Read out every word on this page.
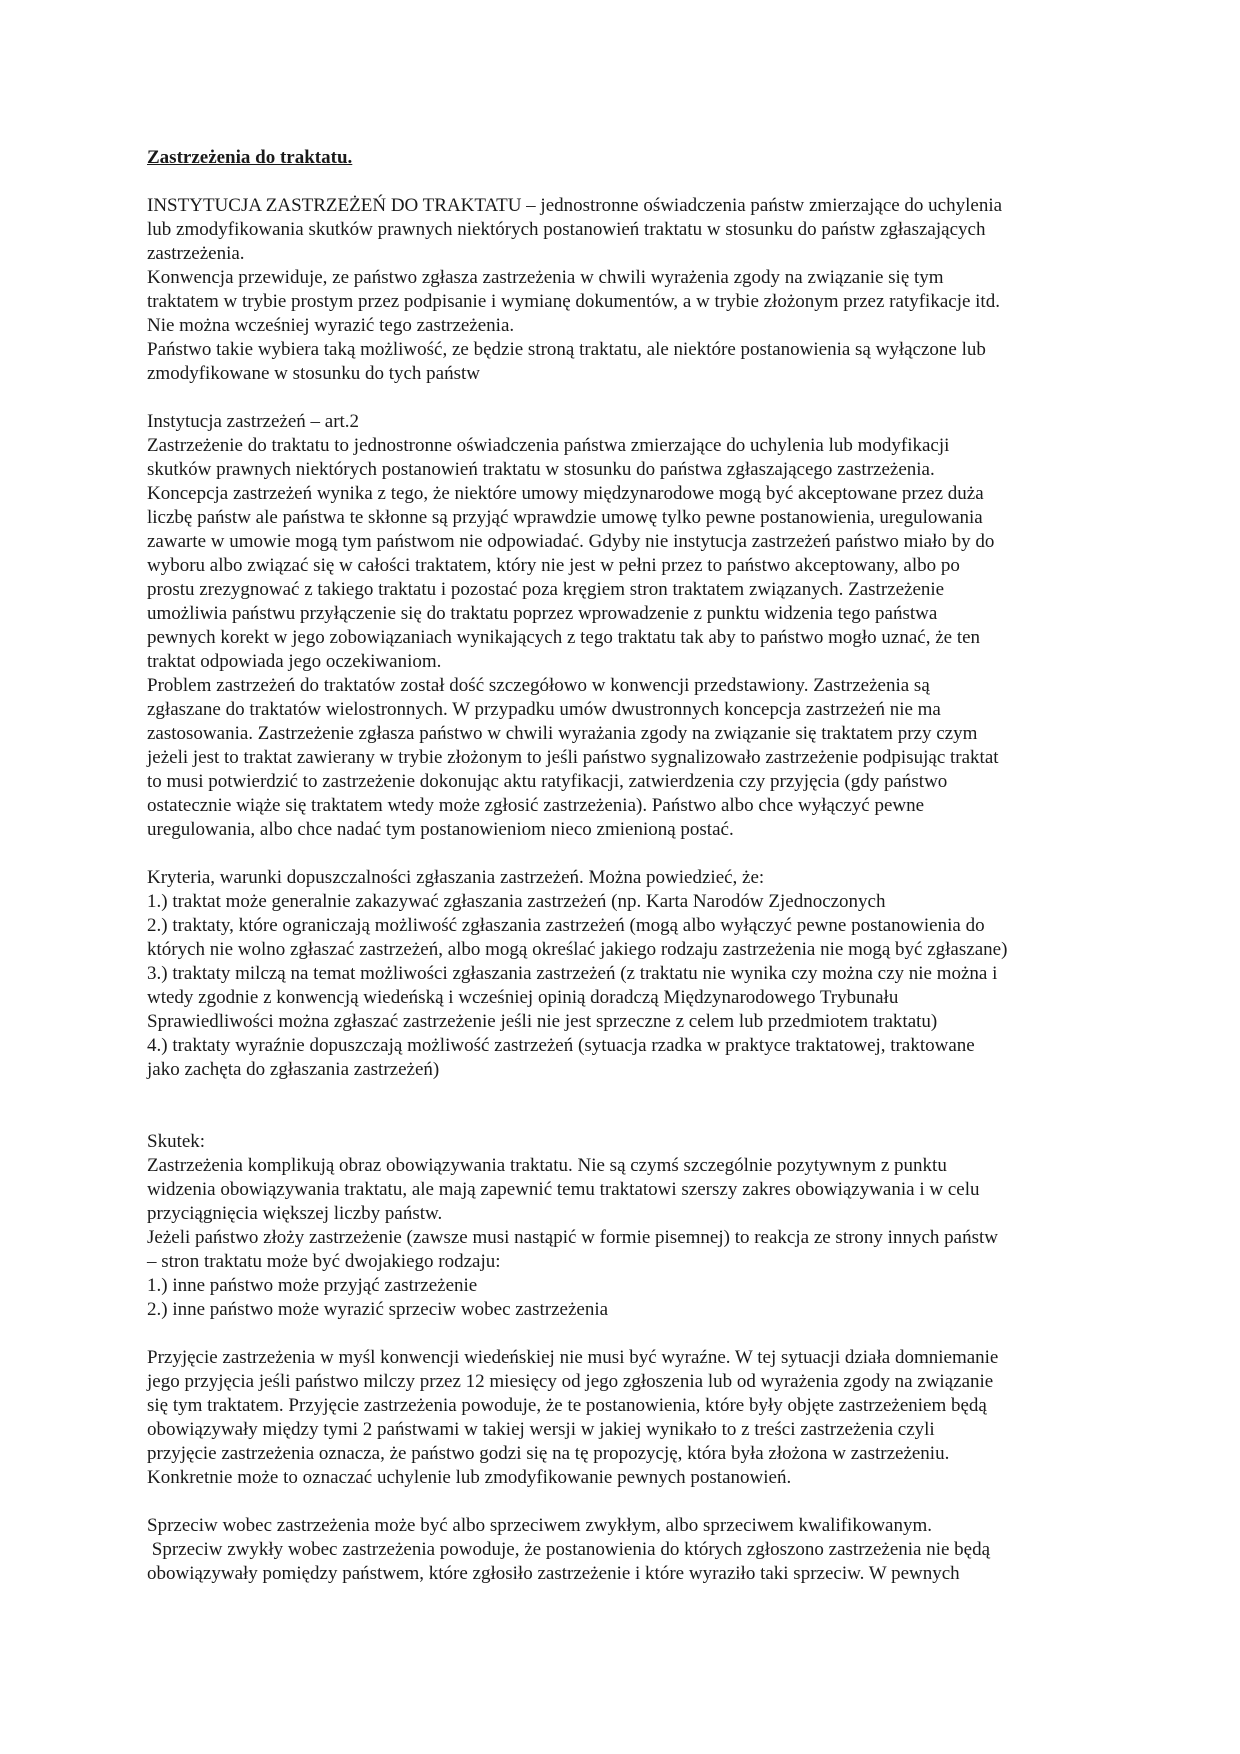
Zastrzeżenia do traktatu.
INSTYTUCJA ZASTRZEŻEŃ DO TRAKTATU – jednostronne oświadczenia państw zmierzające do uchylenia
lub zmodyfikowania skutków prawnych niektórych postanowień traktatu w stosunku do państw zgłaszających
zastrzeżenia.
Konwencja przewiduje, ze państwo zgłasza zastrzeżenia w chwili wyrażenia zgody na związanie się tym
traktatem w trybie prostym przez podpisanie i wymianę dokumentów, a w trybie złożonym przez ratyfikacje itd.
Nie można wcześniej wyrazić tego zastrzeżenia.
Państwo takie wybiera taką możliwość, ze będzie stroną traktatu, ale niektóre postanowienia są wyłączone lub
zmodyfikowane w stosunku do tych państw
Instytucja zastrzeżeń – art.2
Zastrzeżenie do traktatu to jednostronne oświadczenia państwa zmierzające do uchylenia lub modyfikacji
skutków prawnych niektórych postanowień traktatu w stosunku do państwa zgłaszającego zastrzeżenia.
Koncepcja zastrzeżeń wynika z tego, że niektóre umowy międzynarodowe mogą być akceptowane przez duża
liczbę państw ale państwa te skłonne są przyjąć wprawdzie umowę tylko pewne postanowienia, uregulowania
zawarte w umowie mogą tym państwom nie odpowiadać. Gdyby nie instytucja zastrzeżeń państwo miało by do
wyboru albo związać się w całości traktatem, który nie jest w pełni przez to państwo akceptowany, albo po
prostu zrezygnować z takiego traktatu i pozostać poza kręgiem stron traktatem związanych. Zastrzeżenie
umożliwia państwu przyłączenie się do traktatu poprzez wprowadzenie z punktu widzenia tego państwa
pewnych korekt w jego zobowiązaniach wynikających z tego traktatu tak aby to państwo mogło uznać, że ten
traktat odpowiada jego oczekiwaniom.
Problem zastrzeżeń do traktatów został dość szczegółowo w konwencji przedstawiony. Zastrzeżenia są
zgłaszane do traktatów wielostronnych. W przypadku umów dwustronnych koncepcja zastrzeżeń nie ma
zastosowania. Zastrzeżenie zgłasza państwo w chwili wyrażania zgody na związanie się traktatem przy czym
jeżeli jest to traktat zawierany w trybie złożonym to jeśli państwo sygnalizowało zastrzeżenie podpisując traktat
to musi potwierdzić to zastrzeżenie dokonując aktu ratyfikacji, zatwierdzenia czy przyjęcia (gdy państwo
ostatecznie wiąże się traktatem wtedy może zgłosić zastrzeżenia). Państwo albo chce wyłączyć pewne
uregulowania, albo chce nadać tym postanowieniom nieco zmienioną postać.
Kryteria, warunki dopuszczalności zgłaszania zastrzeżeń. Można powiedzieć, że:
1.) traktat może generalnie zakazywać zgłaszania zastrzeżeń (np. Karta Narodów Zjednoczonych
2.) traktaty, które ograniczają możliwość zgłaszania zastrzeżeń (mogą albo wyłączyć pewne postanowienia do
których nie wolno zgłaszać zastrzeżeń, albo mogą określać jakiego rodzaju zastrzeżenia nie mogą być zgłaszane)
3.) traktaty milczą na temat możliwości zgłaszania zastrzeżeń (z traktatu nie wynika czy można czy nie można i
wtedy zgodnie z konwencją wiedeńską i wcześniej opinią doradczą Międzynarodowego Trybunału
Sprawiedliwości można zgłaszać zastrzeżenie jeśli nie jest sprzeczne z celem lub przedmiotem traktatu)
4.) traktaty wyraźnie dopuszczają możliwość zastrzeżeń (sytuacja rzadka w praktyce traktatowej, traktowane
jako zachęta do zgłaszania zastrzeżeń)
Skutek:
Zastrzeżenia komplikują obraz obowiązywania traktatu. Nie są czymś szczególnie pozytywnym z punktu
widzenia obowiązywania traktatu, ale mają zapewnić temu traktatowi szerszy zakres obowiązywania i w celu
przyciągnięcia większej liczby państw.
Jeżeli państwo złoży zastrzeżenie (zawsze musi nastąpić w formie pisemnej) to reakcja ze strony innych państw
– stron traktatu może być dwojakiego rodzaju:
1.) inne państwo może przyjąć zastrzeżenie
2.) inne państwo może wyrazić sprzeciw wobec zastrzeżenia
Przyjęcie zastrzeżenia w myśl konwencji wiedeńskiej nie musi być wyraźne. W tej sytuacji działa domniemanie
jego przyjęcia jeśli państwo milczy przez 12 miesięcy od jego zgłoszenia lub od wyrażenia zgody na związanie
się tym traktatem. Przyjęcie zastrzeżenia powoduje, że te postanowienia, które były objęte zastrzeżeniem będą
obowiązywały między tymi 2 państwami w takiej wersji w jakiej wynikało to z treści zastrzeżenia czyli
przyjęcie zastrzeżenia oznacza, że państwo godzi się na tę propozycję, która była złożona w zastrzeżeniu.
Konkretnie może to oznaczać uchylenie lub zmodyfikowanie pewnych postanowień.
Sprzeciw wobec zastrzeżenia może być albo sprzeciwem zwykłym, albo sprzeciwem kwalifikowanym.
Sprzeciw zwykły wobec zastrzeżenia powoduje, że postanowienia do których zgłoszono zastrzeżenia nie będą
obowiązywały pomiędzy państwem, które zgłosiło zastrzeżenie i które wyraziło taki sprzeciw. W pewnych
